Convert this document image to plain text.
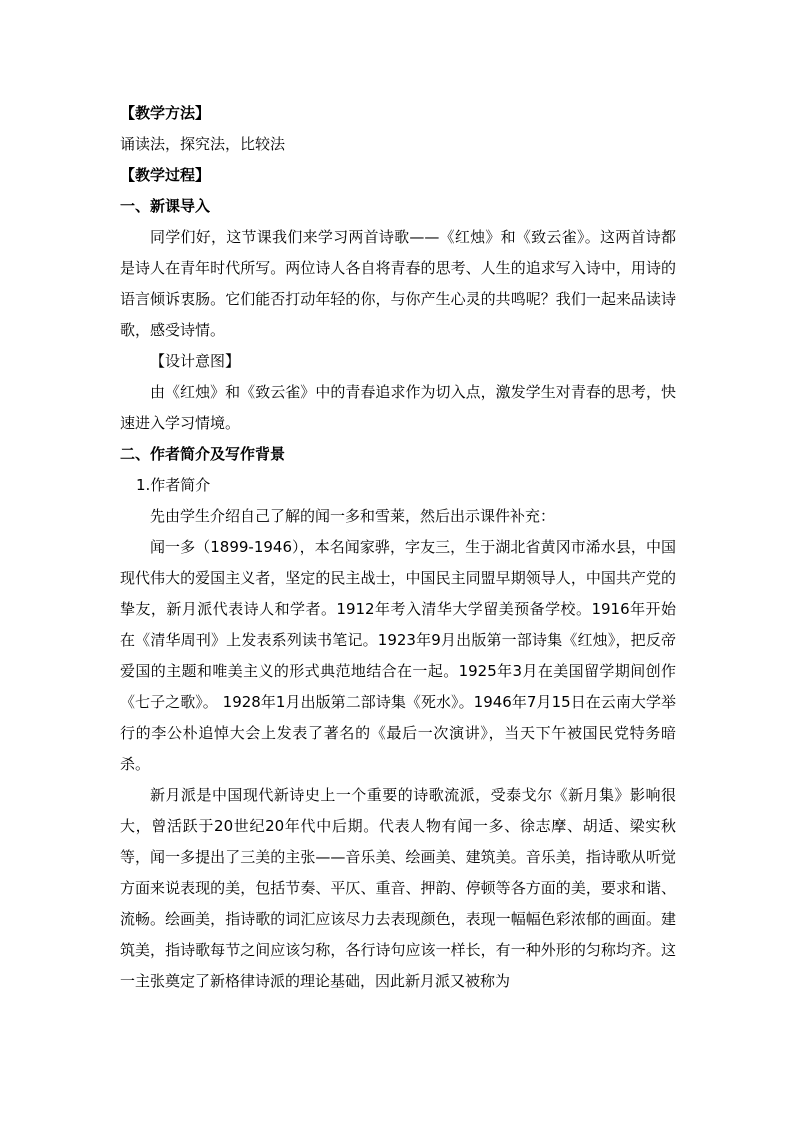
【教学方法】
诵读法，探究法，比较法
【教学过程】
一、新课导入
同学们好，这节课我们来学习两首诗歌——《红烛》和《致云雀》。这两首诗都是诗人在青年时代所写。两位诗人各自将青春的思考、人生的追求写入诗中，用诗的语言倾诉衷肠。它们能否打动年轻的你，与你产生心灵的共鸣呢？我们一起来品读诗歌，感受诗情。
【设计意图】
由《红烛》和《致云雀》中的青春追求作为切入点，激发学生对青春的思考，快速进入学习情境。
二、作者简介及写作背景
1.作者简介
先由学生介绍自己了解的闻一多和雪莱，然后出示课件补充：
闻一多（1899-1946），本名闻家骅，字友三，生于湖北省黄冈市浠水县，中国现代伟大的爱国主义者，坚定的民主战士，中国民主同盟早期领导人，中国共产党的挚友，新月派代表诗人和学者。1912年考入清华大学留美预备学校。1916年开始在《清华周刊》上发表系列读书笔记。1923年9月出版第一部诗集《红烛》，把反帝爱国的主题和唯美主义的形式典范地结合在一起。1925年3月在美国留学期间创作《七子之歌》。 1928年1月出版第二部诗集《死水》。1946年7月15日在云南大学举行的李公朴追悼大会上发表了著名的《最后一次演讲》，当天下午被国民党特务暗杀。
新月派是中国现代新诗史上一个重要的诗歌流派，受泰戈尔《新月集》影响很大，曾活跃于20世纪20年代中后期。代表人物有闻一多、徐志摩、胡适、梁实秋等，闻一多提出了三美的主张——音乐美、绘画美、建筑美。音乐美，指诗歌从听觉方面来说表现的美，包括节奏、平仄、重音、押韵、停顿等各方面的美，要求和谐、流畅。绘画美，指诗歌的词汇应该尽力去表现颜色，表现一幅幅色彩浓郁的画面。建筑美，指诗歌每节之间应该匀称，各行诗句应该一样长，有一种外形的匀称均齐。这一主张奠定了新格律诗派的理论基础，因此新月派又被称为
